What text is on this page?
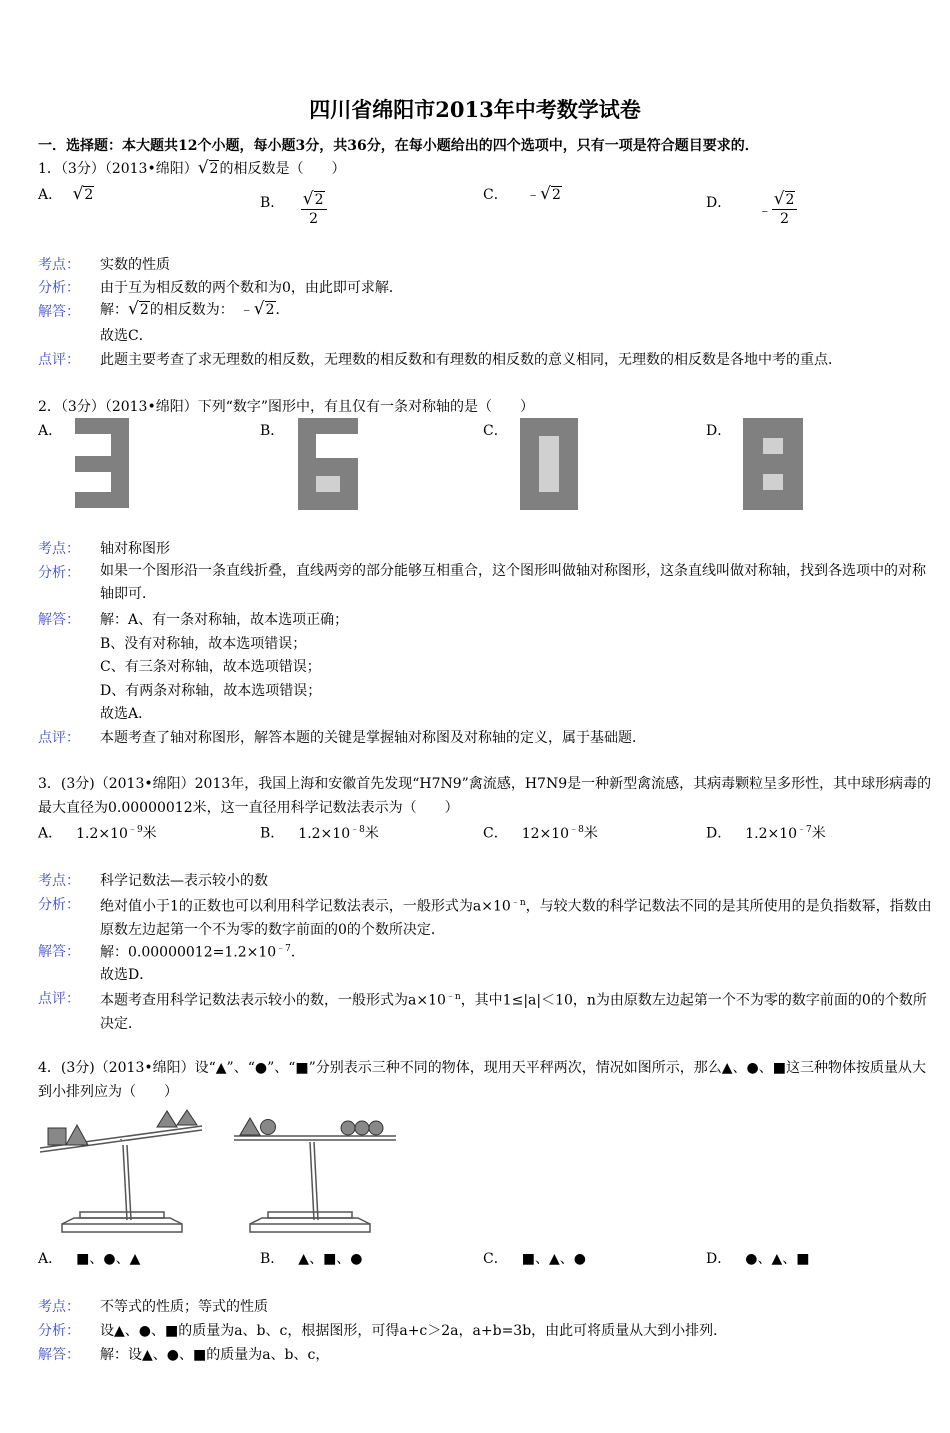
四川省绵阳市2013年中考数学试卷
一．选择题：本大题共12个小题，每小题3分，共36分，在每小题给出的四个选项中，只有一项是符合题目要求的．
1．（3分）（2013•绵阳）√2的相反数是（　　）
A． √2	B． $\frac{√2}{2}$	C． ﹣√2	D． ﹣ $\frac{√2}{2}$
考点： 实数的性质
分析： 由于互为相反数的两个数和为0，由此即可求解．
解答： 解：√2的相反数为： ﹣√2．
故选C．
点评： 此题主要考查了求无理数的相反数，无理数的相反数和有理数的相反数的意义相同，无理数的相反数是各地中考的重点．
2．（3分）（2013•绵阳）下列“数字”图形中，有且仅有一条对称轴的是（　　）
A．	B．	C．	D．
考点： 轴对称图形
分析： 如果一个图形沿一条直线折叠，直线两旁的部分能够互相重合，这个图形叫做轴对称图形，这条直线叫做对称轴，找到各选项中的对称轴即可．
解答： 解：A、有一条对称轴，故本选项正确；
B、没有对称轴，故本选项错误；
C、有三条对称轴，故本选项错误；
D、有两条对称轴，故本选项错误；
故选A．
点评： 本题考查了轴对称图形，解答本题的关键是掌握轴对称图及对称轴的定义，属于基础题．
3．(3分)（2013•绵阳）2013年，我国上海和安徽首先发现“H7N9”禽流感，H7N9是一种新型禽流感，其病毒颗粒呈多形性，其中球形病毒的最大直径为0.00000012米，这一直径用科学记数法表示为（　　）
A． $1.2\times 10^{﹣9}$米	B． $1.2\times 10^{﹣8}$米	C． $12\times 10^{﹣8}$米	D． $1.2\times 10^{﹣7}$米
考点： 科学记数法—表示较小的数
分析： 绝对值小于1的正数也可以利用科学记数法表示，一般形式为$a\times 10^{﹣n}$，与较大数的科学记数法不同的是其所使用的是负指数幂，指数由原数左边起第一个不为零的数字前面的0的个数所决定．
解答： 解：$0.00000012=1.2\times 10^{﹣7}$．
故选D．
点评： 本题考查用科学记数法表示较小的数，一般形式为$a\times 10^{﹣n}$，其中1≤|a|＜10，n为由原数左边起第一个不为零的数字前面的0的个数所决定．
4．(3分)（2013•绵阳）设“▲”、“●”、“■”分别表示三种不同的物体，现用天平秤两次，情况如图所示，那么▲、●、■这三种物体按质量从大到小排列应为（　　）
A． ■、●、▲	B． ▲、■、●	C． ■、▲、●	D． ●、▲、■
考点： 不等式的性质；等式的性质
分析： 设▲、●、■的质量为a、b、c，根据图形，可得a+c＞2a，a+b=3b，由此可将质量从大到小排列．
解答： 解：设▲、●、■的质量为a、b、c，
